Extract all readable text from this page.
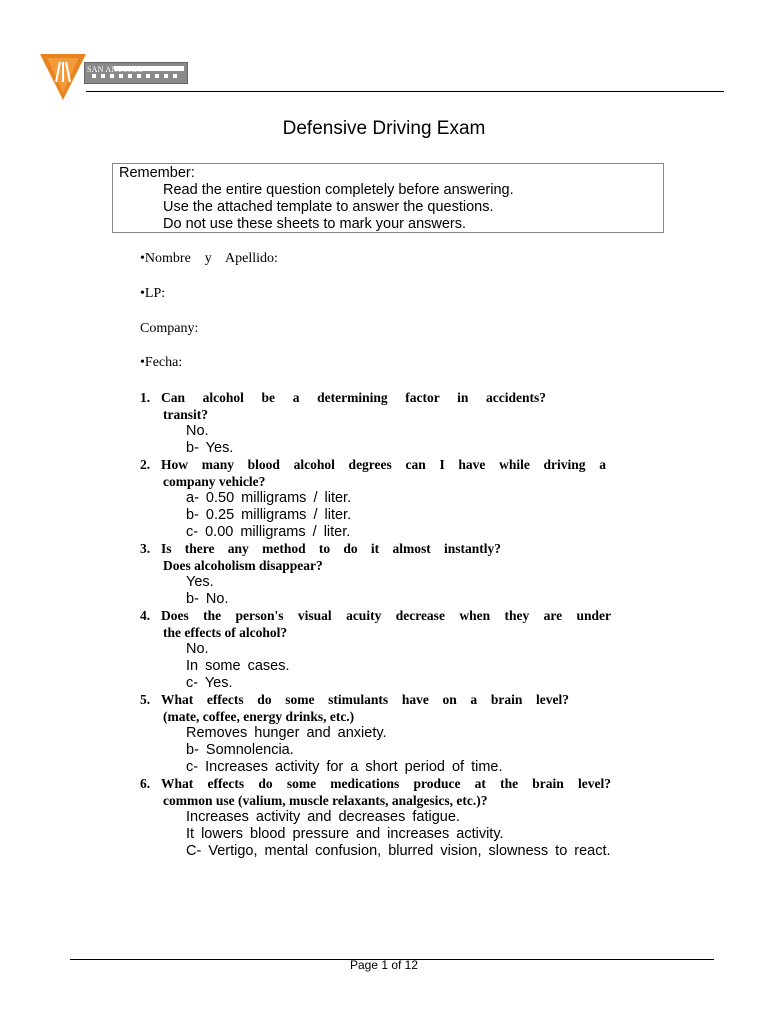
SAN ANTONIC
Defensive Driving Exam
Remember:
Read the entire question completely before answering.
Use the attached template to answer the questions.
Do not use these sheets to mark your answers.
•Nombre    y    Apellido:
•LP:
Company:
•Fecha:
1. Can alcohol be a determining factor in accidents?
transit?
No.
b- Yes.
2. How many blood alcohol degrees can I have while driving a
company vehicle?
a- 0.50 milligrams / liter.
b- 0.25 milligrams / liter.
c- 0.00 milligrams / liter.
3. Is there any method to do it almost instantly?
Does alcoholism disappear?
Yes.
b- No.
4. Does the person's visual acuity decrease when they are under
the effects of alcohol?
No.
In some cases.
c- Yes.
5. What effects do some stimulants have on a brain level?
(mate, coffee, energy drinks, etc.)
Removes hunger and anxiety.
b- Somnolencia.
c- Increases activity for a short period of time.
6. What effects do some medications produce at the brain level?
common use (valium, muscle relaxants, analgesics, etc.)?
Increases activity and decreases fatigue.
It lowers blood pressure and increases activity.
C- Vertigo, mental confusion, blurred vision, slowness to react.
Page 1 of 12
